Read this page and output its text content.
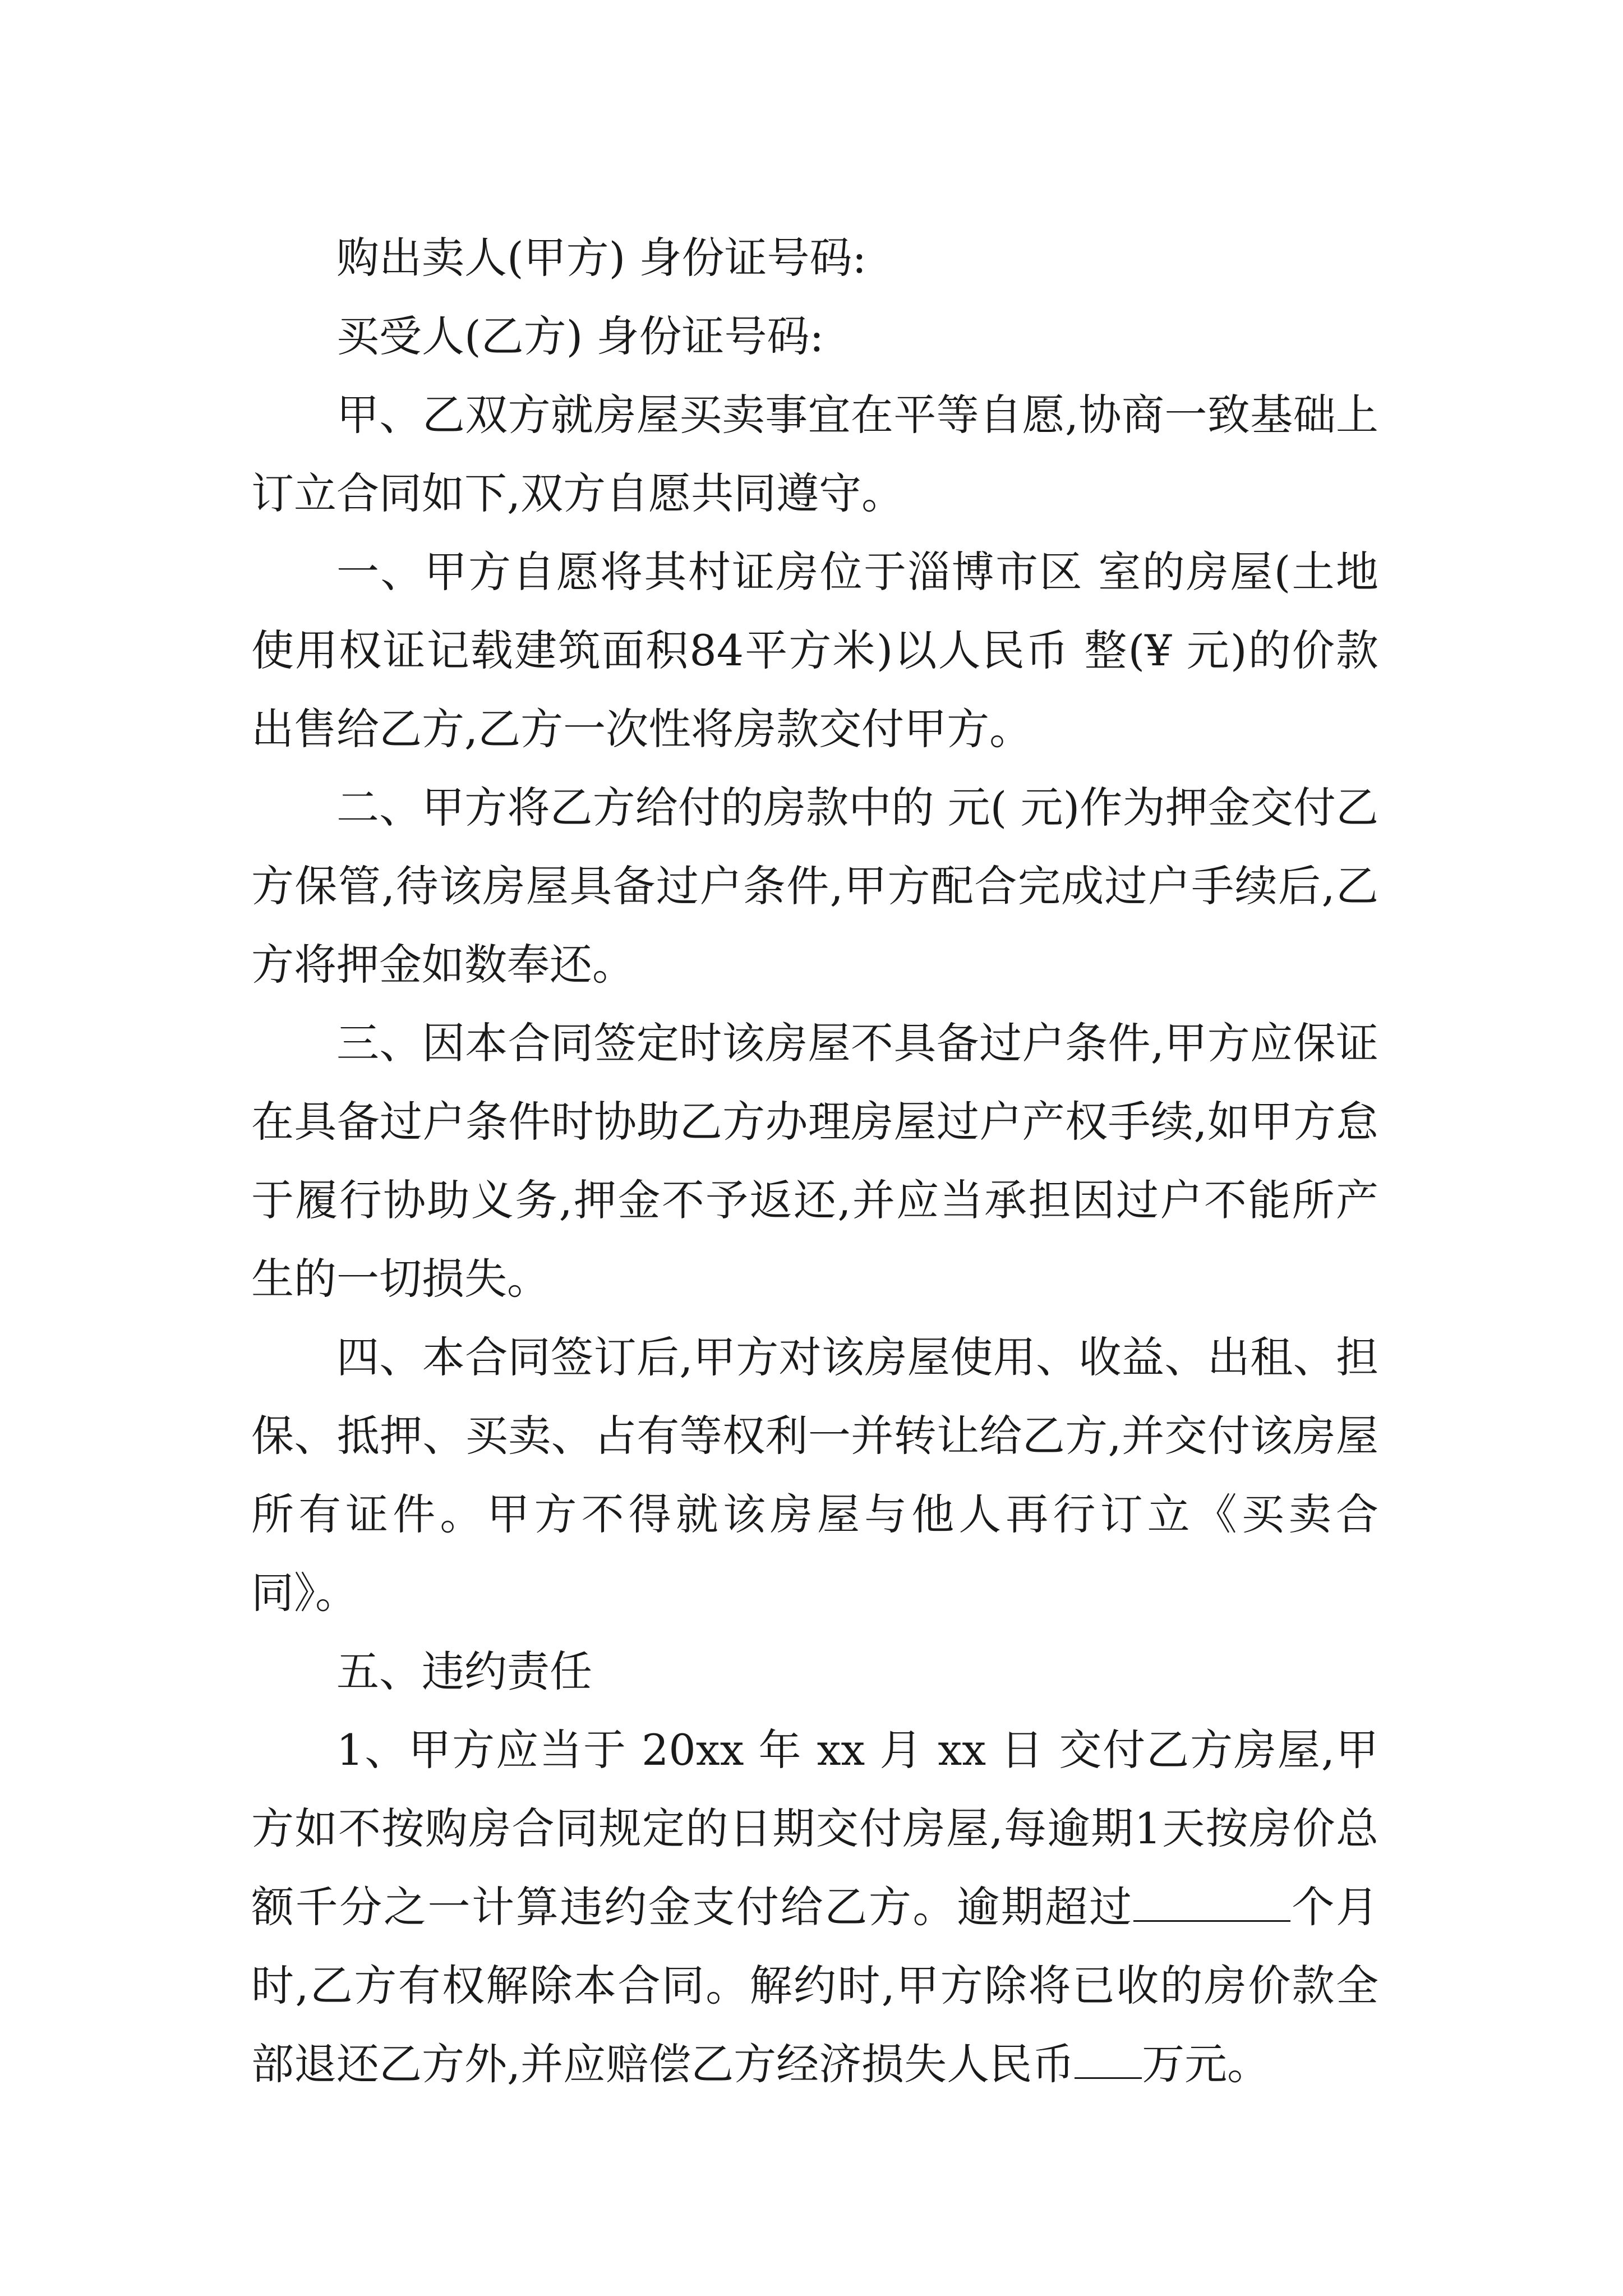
购出卖人(甲方) 身份证号码:

买受人(乙方) 身份证号码:

甲、乙双方就房屋买卖事宜在平等自愿,协商一致基础上订立合同如下,双方自愿共同遵守。

一、甲方自愿将其村证房位于淄博市区 室的房屋(土地使用权证记载建筑面积84平方米)以人民币 整(¥ 元)的价款出售给乙方,乙方一次性将房款交付甲方。

二、甲方将乙方给付的房款中的 元( 元)作为押金交付乙方保管,待该房屋具备过户条件,甲方配合完成过户手续后,乙方将押金如数奉还。

三、因本合同签定时该房屋不具备过户条件,甲方应保证在具备过户条件时协助乙方办理房屋过户产权手续,如甲方怠于履行协助义务,押金不予返还,并应当承担因过户不能所产生的一切损失。

四、本合同签订后,甲方对该房屋使用、收益、出租、担保、抵押、买卖、占有等权利一并转让给乙方,并交付该房屋所有证件。甲方不得就该房屋与他人再行订立《买卖合同》。

五、违约责任

1、甲方应当于 20xx 年 xx 月 xx 日 交付乙方房屋,甲方如不按购房合同规定的日期交付房屋,每逾期1天按房价总额千分之一计算违约金支付给乙方。逾期超过	个月时,乙方有权解除本合同。解约时,甲方除将已收的房价款全部退还乙方外,并应赔偿乙方经济损失人民币 万元。
